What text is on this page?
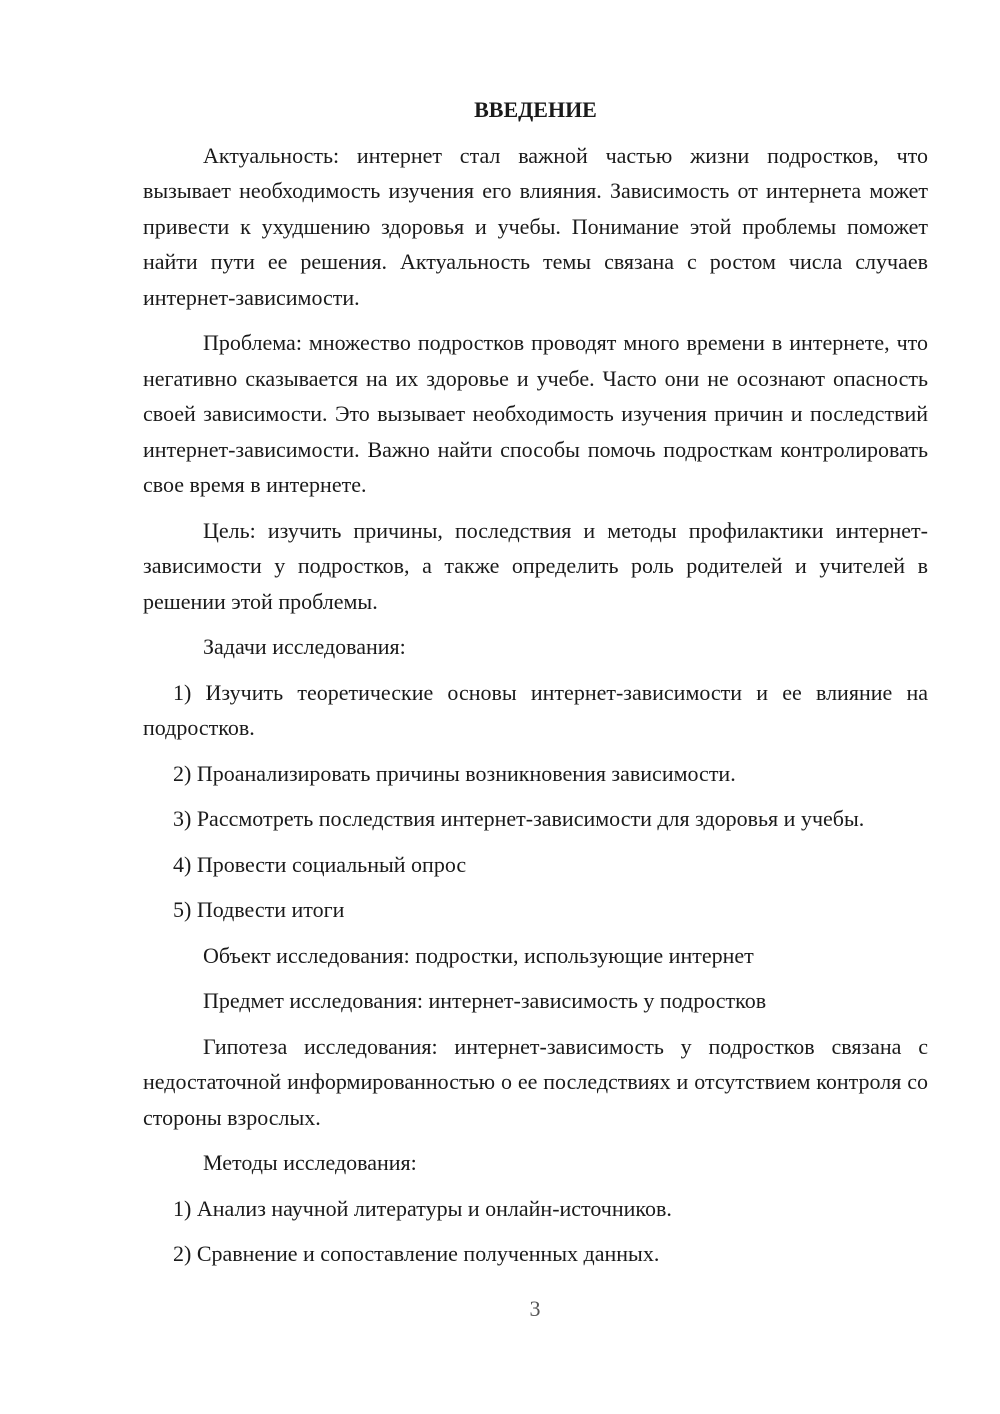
ВВЕДЕНИЕ

Актуальность: интернет стал важной частью жизни подростков, что вызывает необходимость изучения его влияния. Зависимость от интернета может привести к ухудшению здоровья и учебы. Понимание этой проблемы поможет найти пути ее решения. Актуальность темы связана с ростом числа случаев интернет-зависимости.

Проблема: множество подростков проводят много времени в интернете, что негативно сказывается на их здоровье и учебе. Часто они не осознают опасность своей зависимости. Это вызывает необходимость изучения причин и последствий интернет-зависимости. Важно найти способы помочь подросткам контролировать свое время в интернете.

Цель: изучить причины, последствия и методы профилактики интернет-зависимости у подростков, а также определить роль родителей и учителей в решении этой проблемы.

Задачи исследования:

1) Изучить теоретические основы интернет-зависимости и ее влияние на подростков.

2) Проанализировать причины возникновения зависимости.

3) Рассмотреть последствия интернет-зависимости для здоровья и учебы.

4) Провести социальный опрос

5) Подвести итоги

Объект исследования: подростки, использующие интернет

Предмет исследования: интернет-зависимость у подростков

Гипотеза исследования: интернет-зависимость у подростков связана с недостаточной информированностью о ее последствиях и отсутствием контроля со стороны взрослых.

Методы исследования:

1) Анализ научной литературы и онлайн-источников.

2) Сравнение и сопоставление полученных данных.

3
